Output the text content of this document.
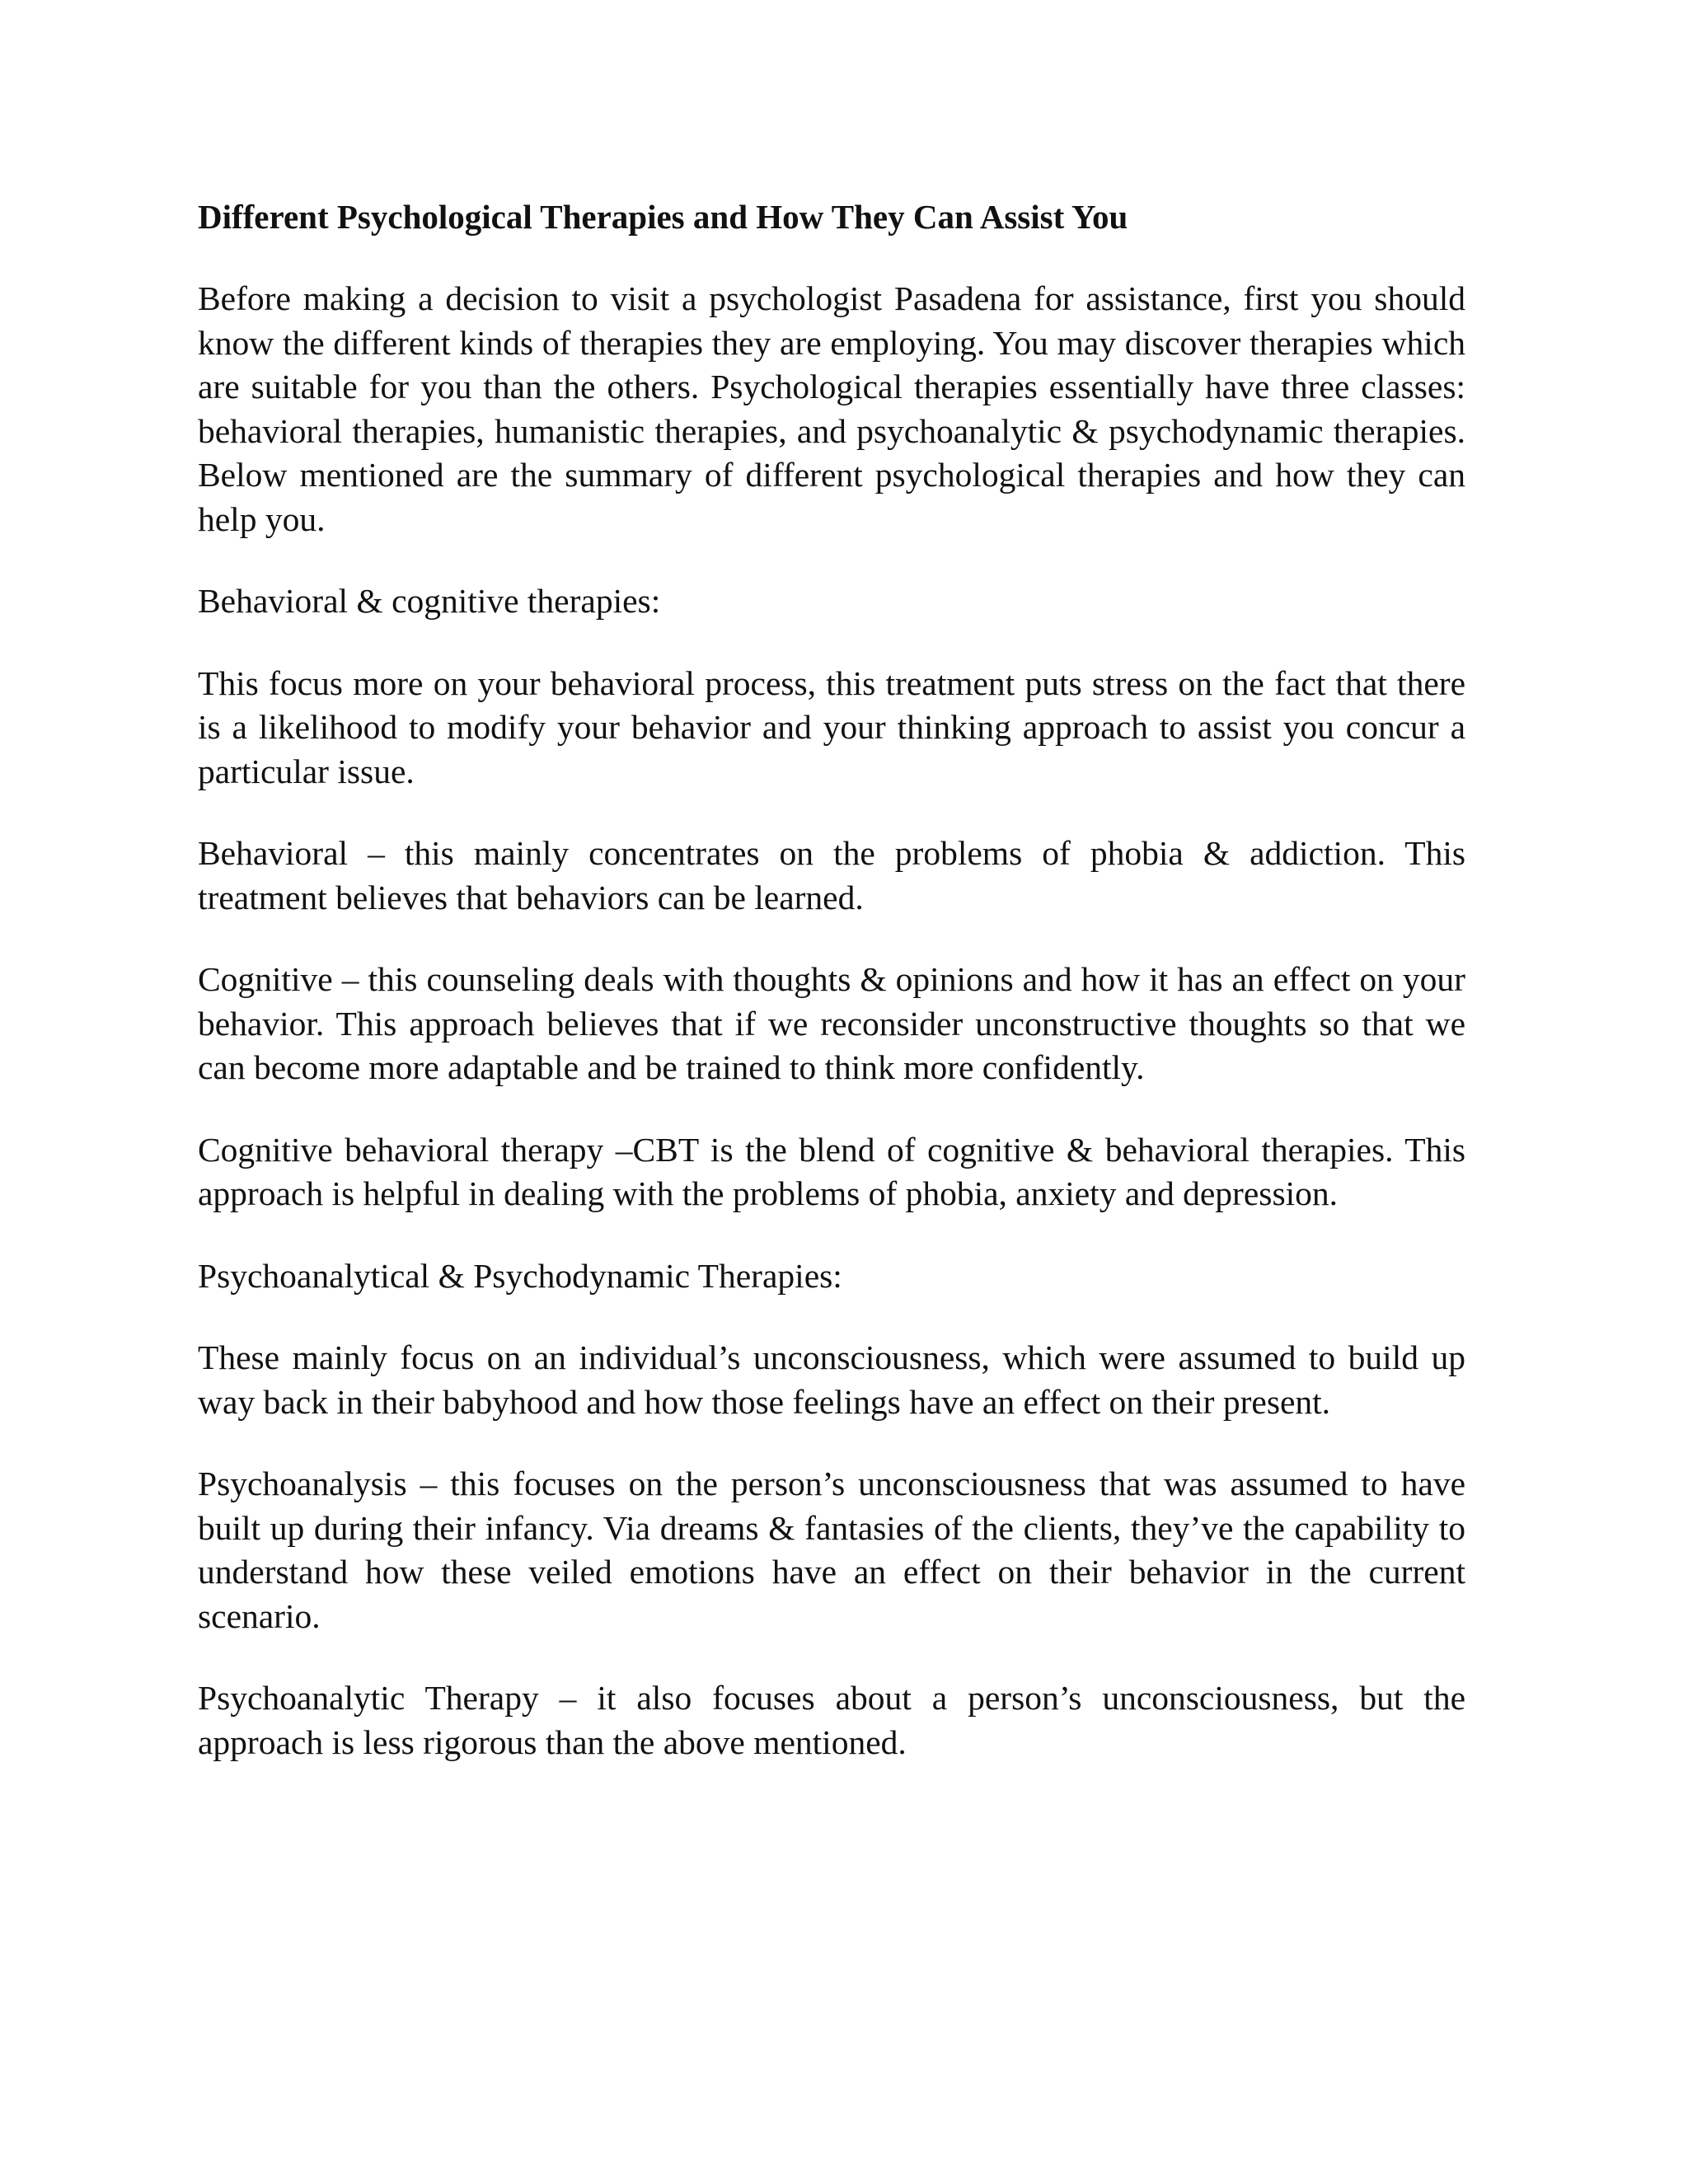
Different Psychological Therapies and How They Can Assist You

Before making a decision to visit a psychologist Pasadena for assistance, first you should know the different kinds of therapies they are employing. You may discover therapies which are suitable for you than the others. Psychological therapies essentially have three classes: behavioral therapies, humanistic therapies, and psychoanalytic & psychodynamic therapies. Below mentioned are the summary of different psychological therapies and how they can help you.

Behavioral & cognitive therapies:

This focus more on your behavioral process, this treatment puts stress on the fact that there is a likelihood to modify your behavior and your thinking approach to assist you concur a particular issue.

Behavioral – this mainly concentrates on the problems of phobia & addiction. This treatment believes that behaviors can be learned.

Cognitive – this counseling deals with thoughts & opinions and how it has an effect on your behavior. This approach believes that if we reconsider unconstructive thoughts so that we can become more adaptable and be trained to think more confidently.

Cognitive behavioral therapy –CBT is the blend of cognitive & behavioral therapies. This approach is helpful in dealing with the problems of phobia, anxiety and depression.

Psychoanalytical & Psychodynamic Therapies:

These mainly focus on an individual’s unconsciousness, which were assumed to build up way back in their babyhood and how those feelings have an effect on their present.

Psychoanalysis – this focuses on the person’s unconsciousness that was assumed to have built up during their infancy. Via dreams & fantasies of the clients, they’ve the capability to understand how these veiled emotions have an effect on their behavior in the current scenario.

Psychoanalytic Therapy – it also focuses about a person’s unconsciousness, but the approach is less rigorous than the above mentioned.
